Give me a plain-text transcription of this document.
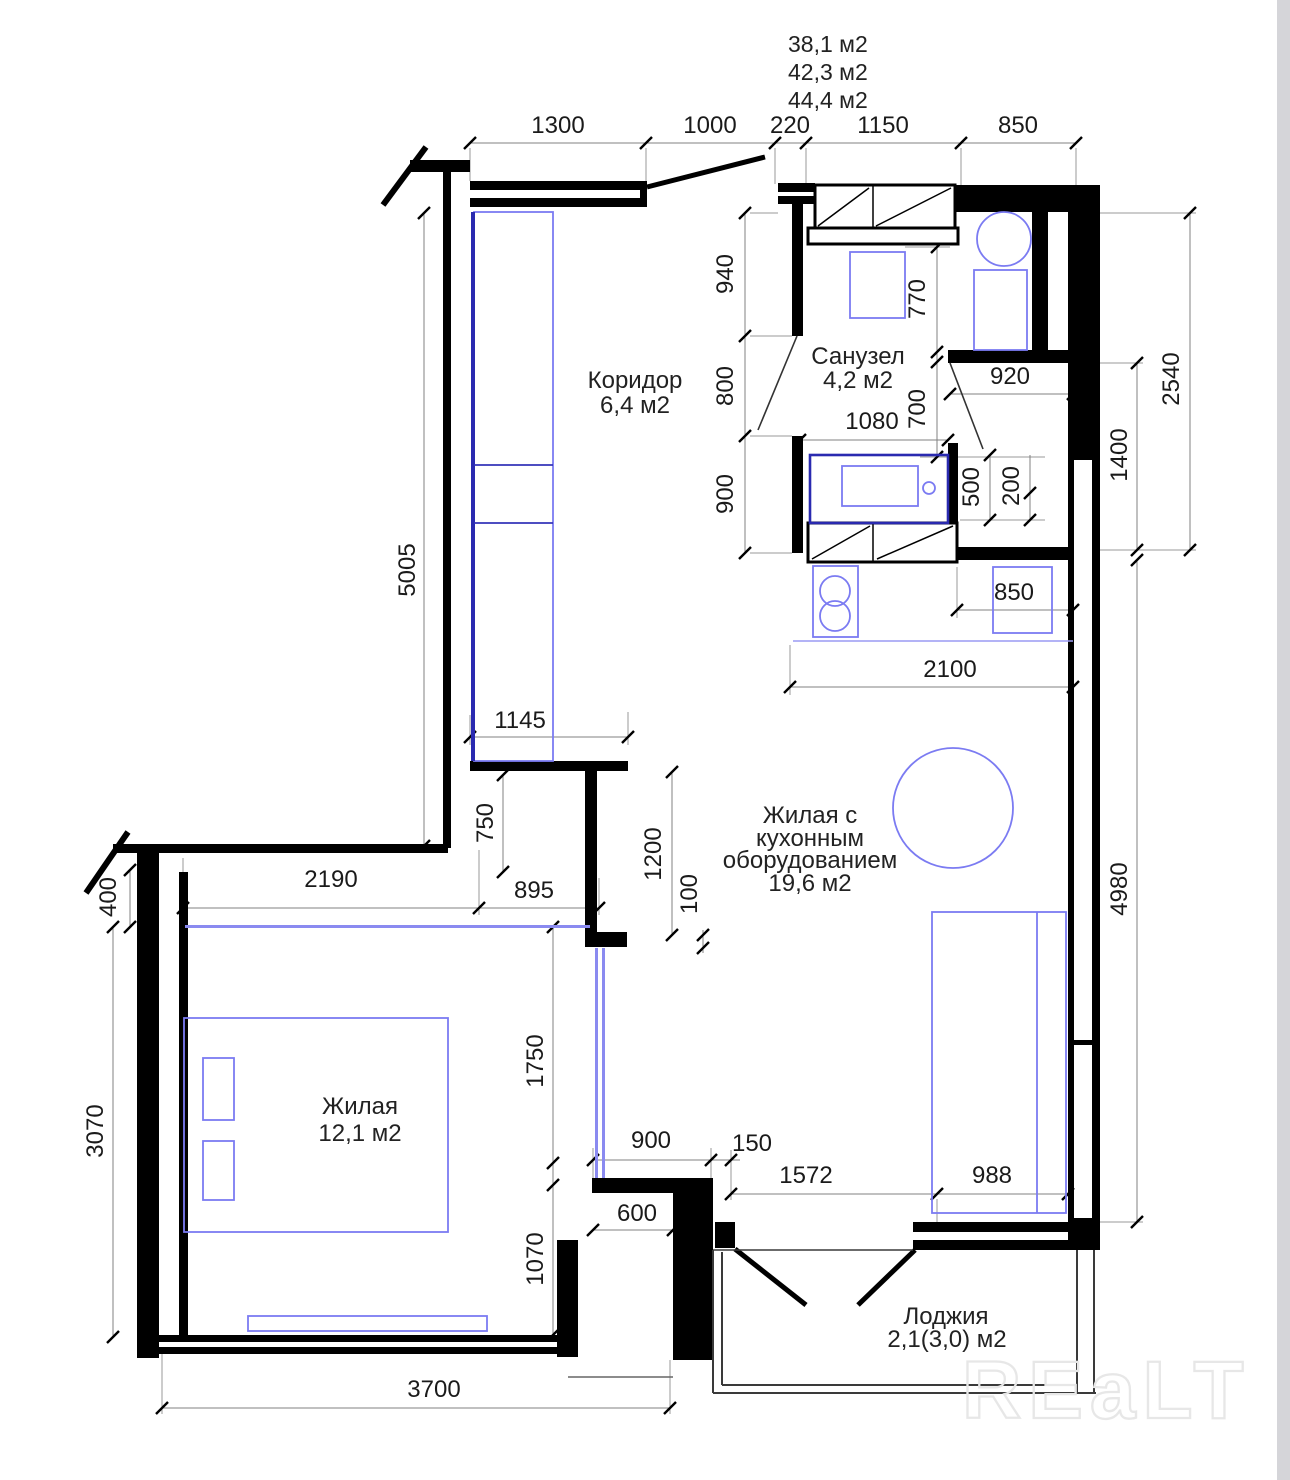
38,1 м2
42,3 м2
44,4 м2
Коридор
6,4 м2
Санузел
4,2 м2
Жилая с
кухонным
оборудованием
19,6 м2
Жилая
12,1 м2
Лоджия
2,1(3,0) м2
1300	1000 220 1150	850
5005
400
3070
940
800
900
770
700
1080
920
500 200
850
2100
1145
750
1200
100
2190	895
1750
1070
3700
900	150
600
1572	988
2540
1400
4980
REaLT
